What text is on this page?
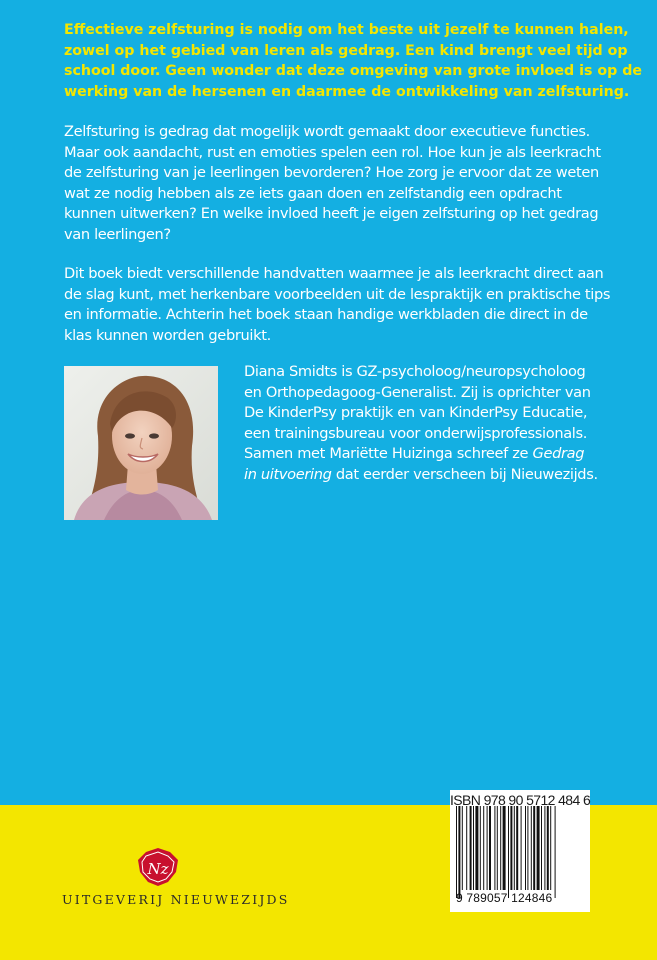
Effectieve zelfsturing is nodig om het beste uit jezelf te kunnen halen,
zowel op het gebied van leren als gedrag. Een kind brengt veel tijd op
school door. Geen wonder dat deze omgeving van grote invloed is op de
werking van de hersenen en daarmee de ontwikkeling van zelfsturing.
Zelfsturing is gedrag dat mogelijk wordt gemaakt door executieve functies.
Maar ook aandacht, rust en emoties spelen een rol. Hoe kun je als leerkracht
de zelfsturing van je leerlingen bevorderen? Hoe zorg je ervoor dat ze weten
wat ze nodig hebben als ze iets gaan doen en zelfstandig een opdracht
kunnen uitwerken? En welke invloed heeft je eigen zelfsturing op het gedrag
van leerlingen?
Dit boek biedt verschillende handvatten waarmee je als leerkracht direct aan
de slag kunt, met herkenbare voorbeelden uit de lespraktijk en praktische tips
en informatie. Achterin het boek staan handige werkbladen die direct in de
klas kunnen worden gebruikt.
Diana Smidts is GZ-psycholoog/neuropsycholoog
en Orthopedagoog-Generalist. Zij is oprichter van
De KinderPsy praktijk en van KinderPsy Educatie,
een trainingsbureau voor onderwijsprofessionals.
Samen met Mariëtte Huizinga schreef ze Gedrag
in uitvoering dat eerder verscheen bij Nieuwezijds.
ISBN 978 90 5712 484 6
9 789057 124846
Nz
UITGEVERIJ NIEUWEZIJDS
